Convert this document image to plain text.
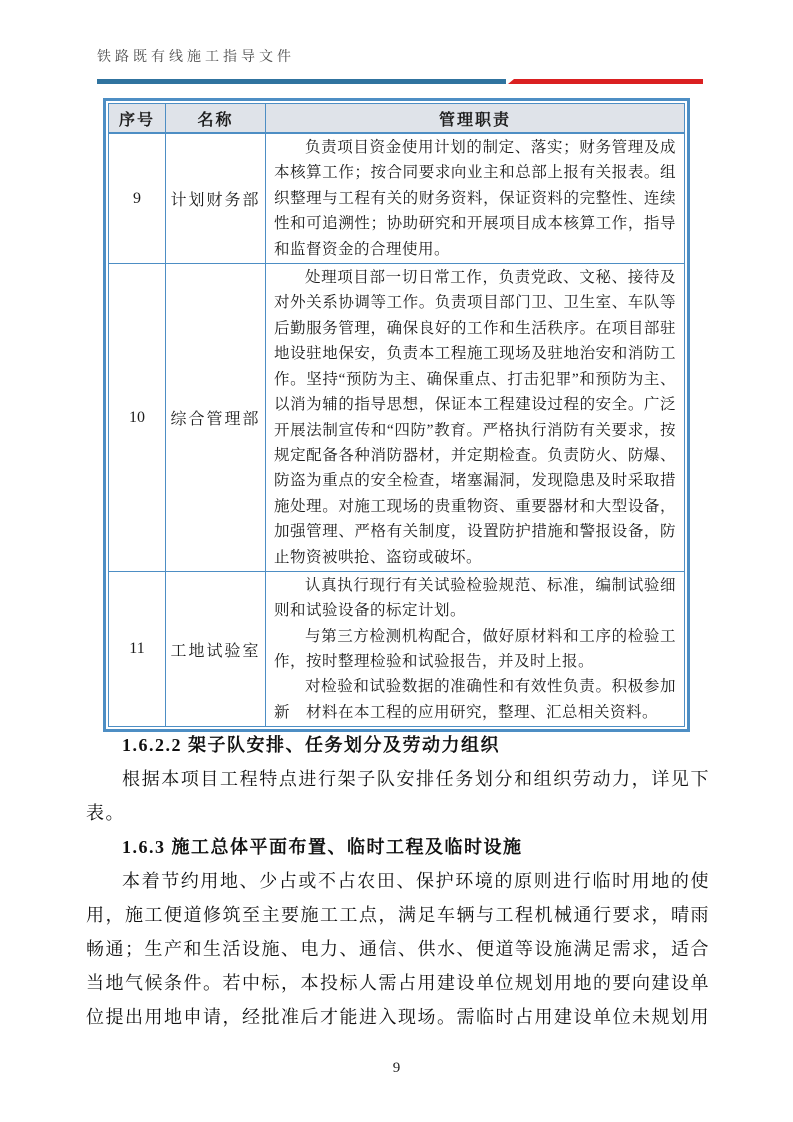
铁路既有线施工指导文件
序号	名称	管理职责
9	计划财务部	负责项目资金使用计划的制定、落实；财务管理及成本核算工作；按合同要求向业主和总部上报有关报表。组织整理与工程有关的财务资料，保证资料的完整性、连续性和可追溯性；协助研究和开展项目成本核算工作，指导和监督资金的合理使用。

10	综合管理部	处理项目部一切日常工作，负责党政、文秘、接待及对外关系协调等工作。负责项目部门卫、卫生室、车队等后勤服务管理，确保良好的工作和生活秩序。在项目部驻地设驻地保安，负责本工程施工现场及驻地治安和消防工作。坚持“预防为主、确保重点、打击犯罪”和预防为主、以消为辅的指导思想，保证本工程建设过程的安全。广泛开展法制宣传和“四防”教育。严格执行消防有关要求，按规定配备各种消防器材，并定期检查。负责防火、防爆、防盗为重点的安全检查，堵塞漏洞，发现隐患及时采取措施处理。对施工现场的贵重物资、重要器材和大型设备，加强管理、严格有关制度，设置防护措施和警报设备，防止物资被哄抢、盗窃或破坏。

11	工地试验室	认真执行现行有关试验检验规范、标准，编制试验细则和试验设备的标定计划。

与第三方检测机构配合，做好原材料和工序的检验工作，按时整理检验和试验报告，并及时上报。

对检验和试验数据的准确性和有效性负责。积极参加新　材料在本工程的应用研究，整理、汇总相关资料。

1.6.2.2 架子队安排、任务划分及劳动力组织

根据本项目工程特点进行架子队安排任务划分和组织劳动力，详见下表。

1.6.3 施工总体平面布置、临时工程及临时设施

本着节约用地、少占或不占农田、保护环境的原则进行临时用地的使用，施工便道修筑至主要施工工点，满足车辆与工程机械通行要求，晴雨畅通；生产和生活设施、电力、通信、供水、便道等设施满足需求，适合当地气候条件。若中标，本投标人需占用建设单位规划用地的要向建设单位提出用地申请，经批准后才能进入现场。需临时占用建设单位未规划用

9
